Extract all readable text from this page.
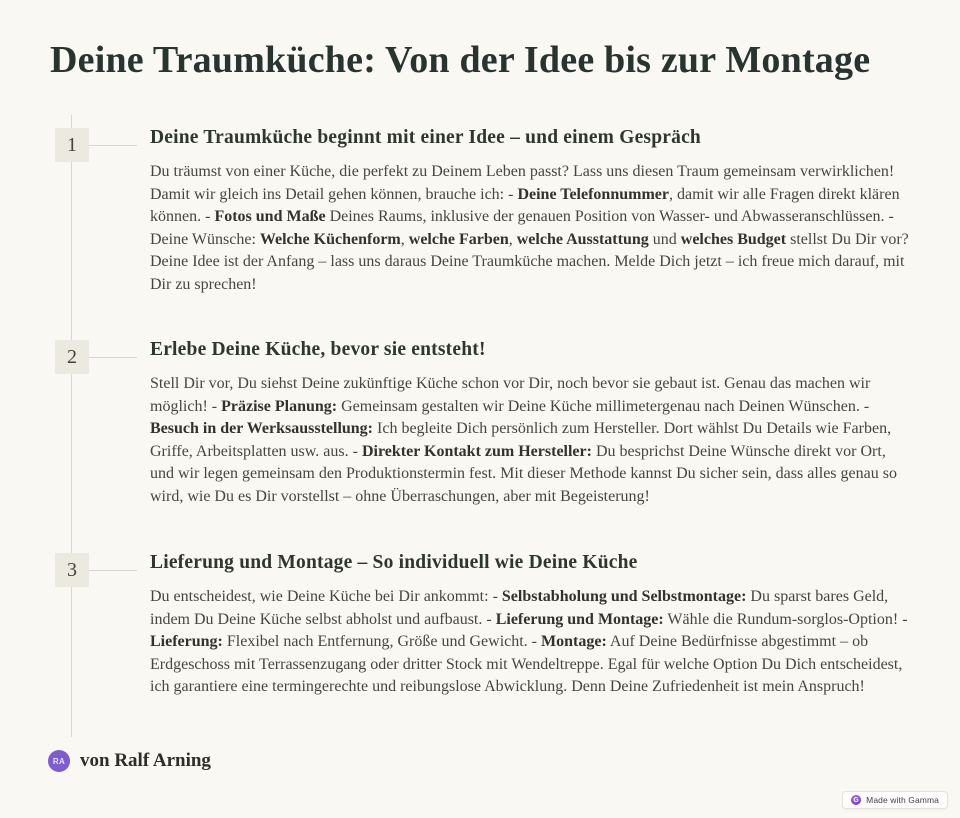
Deine Traumküche: Von der Idee bis zur Montage
1	Deine Traumküche beginnt mit einer Idee – und einem Gespräch

Du träumst von einer Küche, die perfekt zu Deinem Leben passt? Lass uns diesen Traum gemeinsam verwirklichen! Damit wir gleich ins Detail gehen können, brauche ich: - Deine Telefonnummer, damit wir alle Fragen direkt klären können. - Fotos und Maße Deines Raums, inklusive der genauen Position von Wasser- und Abwasseranschlüssen. - Deine Wünsche: Welche Küchenform, welche Farben, welche Ausstattung und welches Budget stellst Du Dir vor? Deine Idee ist der Anfang – lass uns daraus Deine Traumküche machen. Melde Dich jetzt – ich freue mich darauf, mit Dir zu sprechen!

2	Erlebe Deine Küche, bevor sie entsteht!

Stell Dir vor, Du siehst Deine zukünftige Küche schon vor Dir, noch bevor sie gebaut ist. Genau das machen wir möglich! - Präzise Planung: Gemeinsam gestalten wir Deine Küche millimetergenau nach Deinen Wünschen. - Besuch in der Werksausstellung: Ich begleite Dich persönlich zum Hersteller. Dort wählst Du Details wie Farben, Griffe, Arbeitsplatten usw. aus. - Direkter Kontakt zum Hersteller: Du besprichst Deine Wünsche direkt vor Ort, und wir legen gemeinsam den Produktionstermin fest. Mit dieser Methode kannst Du sicher sein, dass alles genau so wird, wie Du es Dir vorstellst – ohne Überraschungen, aber mit Begeisterung!

3	Lieferung und Montage – So individuell wie Deine Küche

Du entscheidest, wie Deine Küche bei Dir ankommt: - Selbstabholung und Selbstmontage: Du sparst bares Geld, indem Du Deine Küche selbst abholst und aufbaust. - Lieferung und Montage: Wähle die Rundum-sorglos-Option! - Lieferung: Flexibel nach Entfernung, Größe und Gewicht. - Montage: Auf Deine Bedürfnisse abgestimmt – ob Erdgeschoss mit Terrassenzugang oder dritter Stock mit Wendeltreppe. Egal für welche Option Du Dich entscheidest, ich garantiere eine termingerechte und reibungslose Abwicklung. Denn Deine Zufriedenheit ist mein Anspruch!

RA von Ralf Arning
G Made with Gamma
